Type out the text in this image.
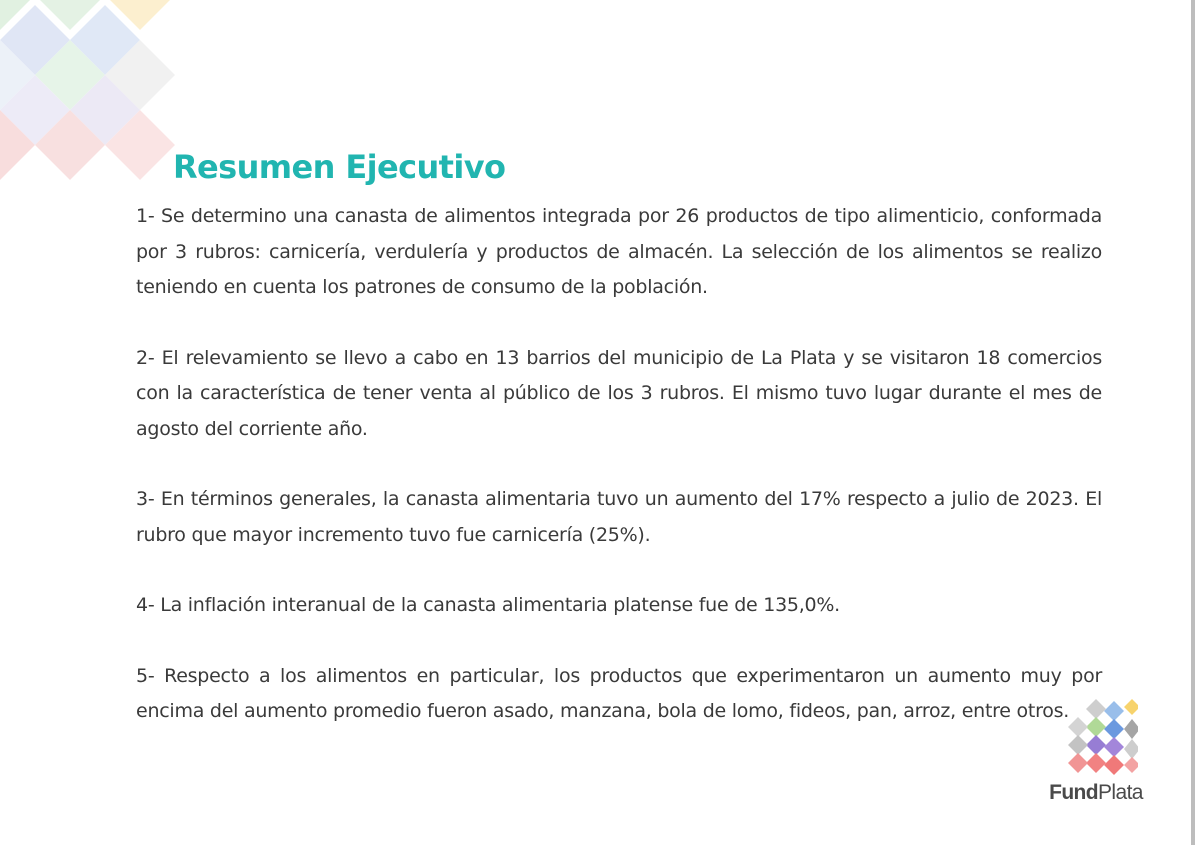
Resumen Ejecutivo

1- Se determino una canasta de alimentos integrada por 26 productos de tipo alimenticio, conformada por 3 rubros: carnicería, verdulería y productos de almacén. La selección de los alimentos se realizo teniendo en cuenta los patrones de consumo de la población.

2- El relevamiento se llevo a cabo en 13 barrios del municipio de La Plata y se visitaron 18 comercios con la característica de tener venta al público de los 3 rubros. El mismo tuvo lugar durante el mes de agosto del corriente año.

3- En términos generales, la canasta alimentaria tuvo un aumento del 17% respecto a julio de 2023. El rubro que mayor incremento tuvo fue carnicería (25%).

4- La inflación interanual de la canasta alimentaria platense fue de 135,0%.

5- Respecto a los alimentos en particular, los productos que experimentaron un aumento muy por encima del aumento promedio fueron asado, manzana, bola de lomo, fideos, pan, arroz, entre otros.

FundPlata
